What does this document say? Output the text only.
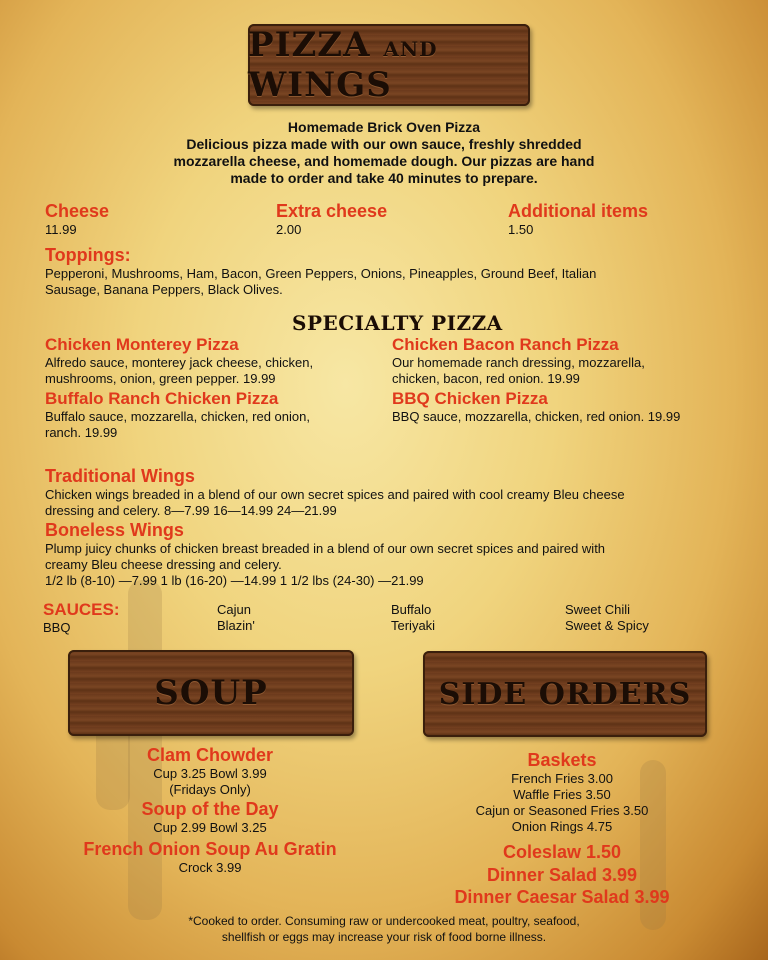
PIZZA AND WINGS
Homemade Brick Oven Pizza
Delicious pizza made with our own sauce, freshly shredded
mozzarella cheese, and homemade dough. Our pizzas are hand
made to order and take 40 minutes to prepare.
Cheese
11.99
Extra cheese
2.00
Additional items
1.50
Toppings:
Pepperoni, Mushrooms, Ham, Bacon, Green Peppers, Onions, Pineapples, Ground Beef, Italian
Sausage, Banana Peppers, Black Olives.
SPECIALTY PIZZA
Chicken Monterey Pizza
Alfredo sauce, monterey jack cheese, chicken,
mushrooms, onion, green pepper. 19.99
Chicken Bacon Ranch Pizza
Our homemade ranch dressing, mozzarella,
chicken, bacon, red onion. 19.99
Buffalo Ranch Chicken Pizza
Buffalo sauce, mozzarella, chicken, red onion,
ranch. 19.99
BBQ Chicken Pizza
BBQ sauce, mozzarella, chicken, red onion. 19.99
Traditional Wings
Chicken wings breaded in a blend of our own secret spices and paired with cool creamy Bleu cheese
dressing and celery. 8—7.99 16—14.99 24—21.99
Boneless Wings
Plump juicy chunks of chicken breast breaded in a blend of our own secret spices and paired with
creamy Bleu cheese dressing and celery.
1/2 lb (8-10) —7.99 1 lb (16-20) —14.99 1 1/2 lbs (24-30) —21.99
SAUCES:
BBQ
Cajun
Blazin'
Buffalo
Teriyaki
Sweet Chili
Sweet & Spicy
SOUP	SIDE ORDERS
Clam Chowder
Cup 3.25 Bowl 3.99
(Fridays Only)
Soup of the Day
Cup 2.99 Bowl 3.25
French Onion Soup Au Gratin
Crock 3.99
Baskets
French Fries 3.00
Waffle Fries 3.50
Cajun or Seasoned Fries 3.50
Onion Rings 4.75
Coleslaw 1.50
Dinner Salad 3.99
Dinner Caesar Salad 3.99
*Cooked to order. Consuming raw or undercooked meat, poultry, seafood,
shellfish or eggs may increase your risk of food borne illness.
